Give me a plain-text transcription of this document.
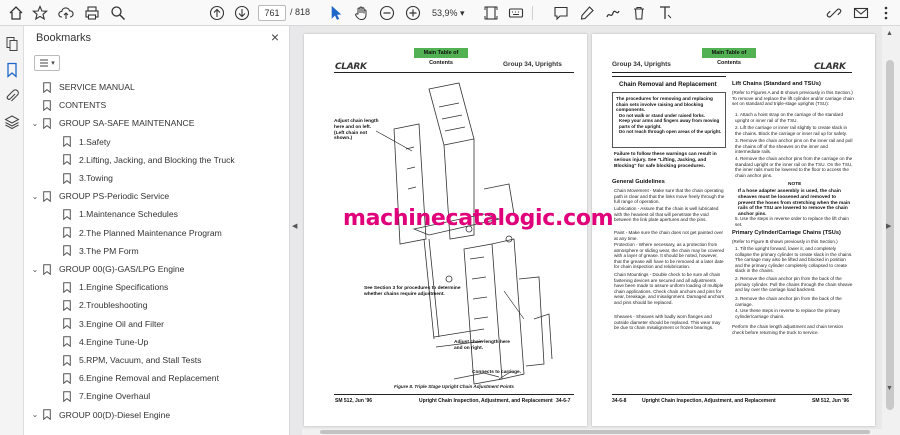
761	/ 818	53,9% ▾
Bookmarks	×
▾
SERVICE MANUAL
CONTENTS
⌄ GROUP SA-SAFE MAINTENANCE
1.Safety
2.Lifting, Jacking, and Blocking the Truck
3.Towing
⌄ GROUP PS-Periodic Service
1.Maintenance Schedules
2.The Planned Maintenance Program
3.The PM Form
⌄ GROUP 00(G)-GAS/LPG Engine
1.Engine Specifications
2.Troubleshooting
3.Engine Oil and Filter
4.Engine Tune-Up
5.RPM, Vacuum, and Stall Tests
6.Engine Removal and Replacement
7.Engine Overhaul
⌄ GROUP 00(D)-Diesel Engine
◀
Main Table of Contents
CLARK	Group 34, Uprights
Adjust chain length here and on left. (Left chain not shown.)
See Section 3 for procedures to determine whether chains require adjustment.
Adjust chain length here and on right.
Connects to carriage.
Figure 8. Triple Stage Upright Chain Adjustment Points
SM 512, Jun '96	Upright Chain Inspection, Adjustment, and Replacement 34-6-7
Main Table of Contents
Group 34, Uprights	CLARK
Chain Removal and Replacement
The procedures for removing and replacing chain sets involve raising and blocking components.
Do not walk or stand under raised forks.
Keep your arms and fingers away from moving parts of the upright.
Do not reach through open areas of the upright.
Failure to follow these warnings can result in serious injury. See "Lifting, Jacking, and Blocking" for safe blocking procedures.
General Guidelines
Chain Movement - Make sure that the chain operating path is clear and that the links move freely through the full range of operation.
Lubrication - Assure that the chain is well lubricated with the heaviest oil that will penetrate the void between the link plate apertures and the pins.
Paint - Make sure the chain does not get painted over at any time.
Protection - Where necessary, as a protection from atmosphere or sliding wear, the chain may be covered with a layer of grease. It should be noted, however, that the grease will have to be removed at a later date for chain inspection and relubrication.
Chain Mountings - Double check to be sure all chain fastening devices are secured and all adjustments have been made to assure uniform loading of multiple chain applications. Check chain anchors and pins for wear, breakage, and misalignment. Damaged anchors and pins should be replaced.
Sheaves - Sheaves with badly worn flanges and outside diameter should be replaced. This wear may be due to chain misalignment or frozen bearings.
Lift Chains (Standard and TSUs)
(Refer to Figures A and B shown previously in this Section.) To remove and replace the lift cylinder and/or carriage chain set on standard and triple-stage uprights (TSU):
1. Attach a hoist strap on the carriage of the standard upright or inner rail of the TSU.
2. Lift the carriage or inner rail slightly to create slack in the chains. Block the carriage or inner rail up for safety.
3. Remove the chain anchor pins on the inner rail and pull the chains off of the sheaves on the inner and intermediate rails.
4. Remove the chain anchor pins from the carriage on the standard upright or the inner rail on the TSU. On the TSU, the inner rails must be lowered to the floor to access the chain anchor pins.
NOTE
If a hose adapter assembly is used, the chain sheaves must be loosened and removed to prevent the hoses from stretching when the main rails of the TSU are lowered to remove the chain anchor pins.
5. Use the steps in reverse order to replace the lift chain set.
Primary Cylinder/Carriage Chains (TSUs)
(Refer to Figure B shown previously in this Section.)
1. Tilt the upright forward, lower it, and completely collapse the primary cylinder to create slack in the chains. The carriage may also be lifted and blocked in position and the primary cylinder completely collapsed to create slack in the chains.
2. Remove the chain anchor pin from the back of the primary cylinder. Pull the chains through the chain sheave and lay over the carriage load backrest.
3. Remove the chain anchor pin from the back of the carriage.
4. Use these steps in reverse to replace the primary cylinder/carriage chains.
Perform the chain length adjustment and chain tension check before returning the truck to service.
34-6-8	Upright Chain Inspection, Adjustment, and Replacement	SM 512, Jun '96
machinecatalogic.com
▲
▼
▶
